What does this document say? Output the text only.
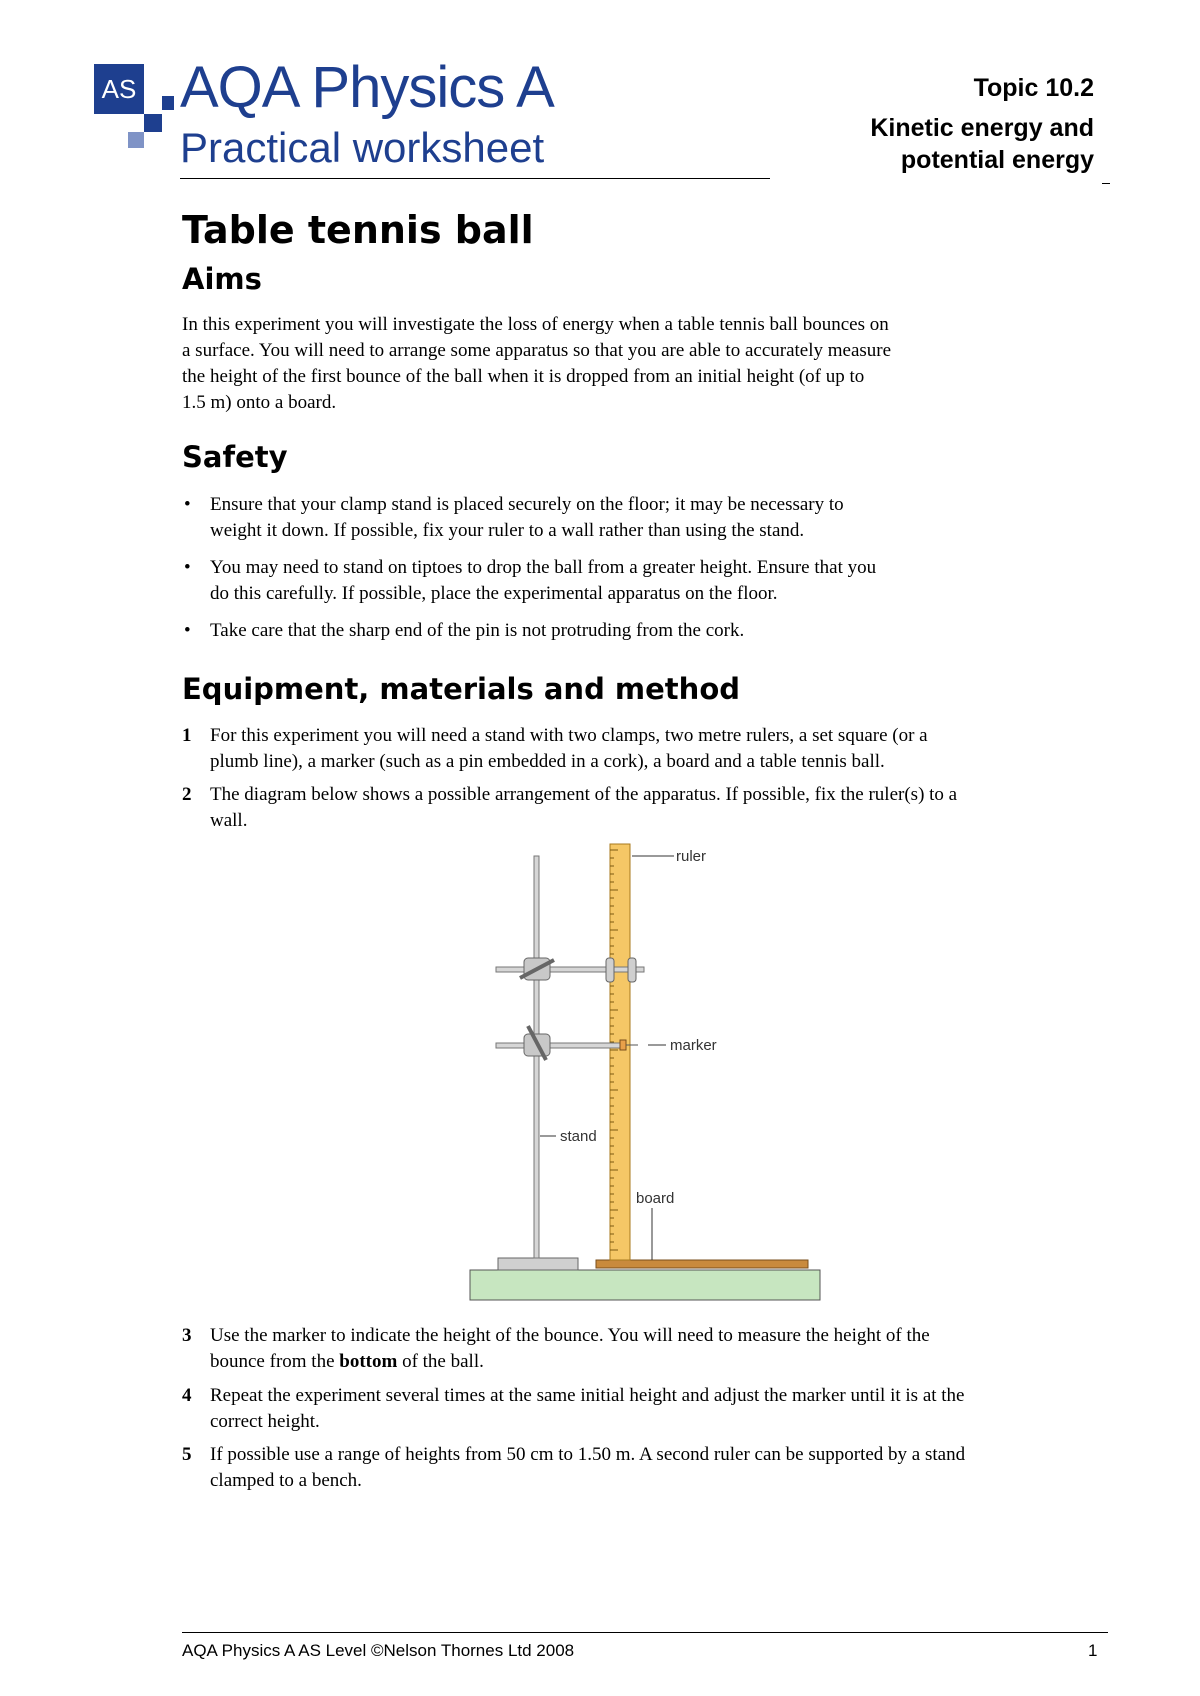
AS AQA Physics A
Practical worksheet
Topic 10.2
Kinetic energy and
potential energy
Table tennis ball
Aims
In this experiment you will investigate the loss of energy when a table tennis ball bounces on
a surface. You will need to arrange some apparatus so that you are able to accurately measure
the height of the first bounce of the ball when it is dropped from an initial height (of up to
1.5 m) onto a board.
Safety
• Ensure that your clamp stand is placed securely on the floor; it may be necessary to
weight it down. If possible, fix your ruler to a wall rather than using the stand.
• You may need to stand on tiptoes to drop the ball from a greater height. Ensure that you
do this carefully. If possible, place the experimental apparatus on the floor.
• Take care that the sharp end of the pin is not protruding from the cork.
Equipment, materials and method
1 For this experiment you will need a stand with two clamps, two metre rulers, a set square (or a
plumb line), a marker (such as a pin embedded in a cork), a board and a table tennis ball.
2 The diagram below shows a possible arrangement of the apparatus. If possible, fix the ruler(s) to a
wall.
ruler
marker
stand
board
3 Use the marker to indicate the height of the bounce. You will need to measure the height of the
bounce from the bottom of the ball.
4 Repeat the experiment several times at the same initial height and adjust the marker until it is at the
correct height.
5 If possible use a range of heights from 50 cm to 1.50 m. A second ruler can be supported by a stand
clamped to a bench.
AQA Physics A AS Level ©Nelson Thornes Ltd 2008	1
